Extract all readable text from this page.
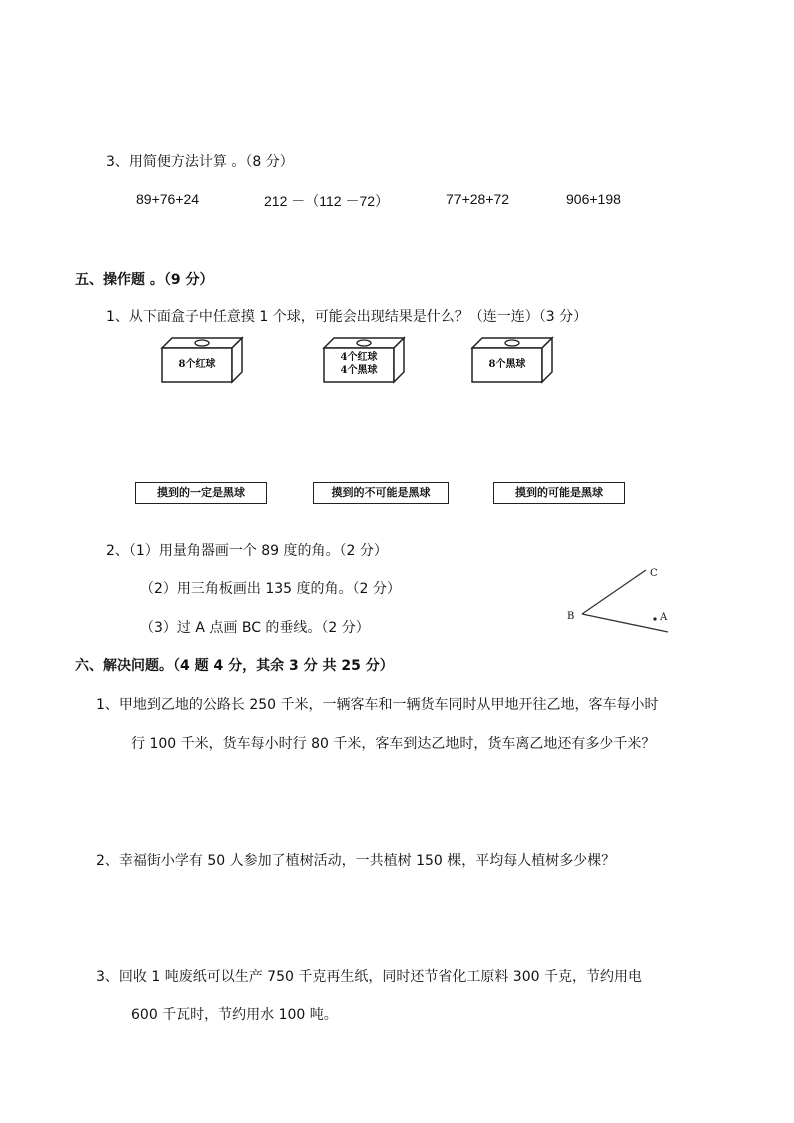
3、用简便方法计算 。（8 分）
89+76+24	212 －（112 －72）	77+28+72	906+198
五、操作题 。（9 分）
1、从下面盒子中任意摸 1 个球，可能会出现结果是什么？（连一连）（3 分）
8个红球
4个红球
4个黑球
8个黑球
摸到的一定是黑球	摸到的不可能是黑球	摸到的可能是黑球
2、（1）用量角器画一个 89 度的角。（2 分）
（2）用三角板画出 135 度的角。（2 分）
（3）过 A 点画 BC 的垂线。（2 分）
B
C
A
六、解决问题。（4 题 4 分，其余 3 分 共 25 分）
1、甲地到乙地的公路长 250 千米，一辆客车和一辆货车同时从甲地开往乙地，客车每小时
行 100 千米，货车每小时行 80 千米，客车到达乙地时，货车离乙地还有多少千米？
2、幸福街小学有 50 人参加了植树活动，一共植树 150 棵，平均每人植树多少棵？
3、回收 1 吨废纸可以生产 750 千克再生纸，同时还节省化工原料 300 千克，节约用电
600 千瓦时，节约用水 100 吨。
